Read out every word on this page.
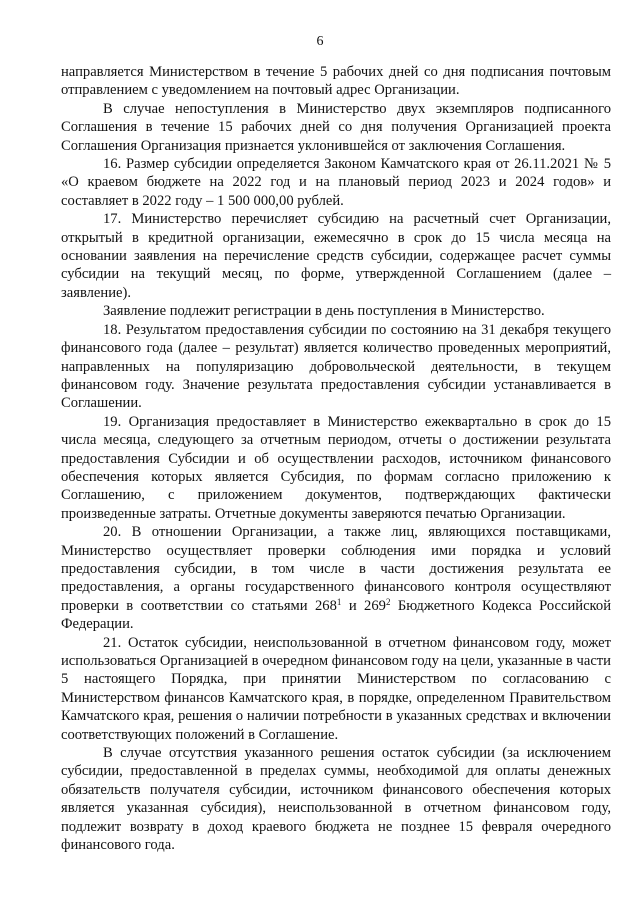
6

направляется Министерством в течение 5 рабочих дней со дня подписания почтовым отправлением с уведомлением на почтовый адрес Организации.

В случае непоступления в Министерство двух экземпляров подписанного Соглашения в течение 15 рабочих дней со дня получения Организацией проекта Соглашения Организация признается уклонившейся от заключения Соглашения.

16. Размер субсидии определяется Законом Камчатского края от 26.11.2021 № 5 «О краевом бюджете на 2022 год и на плановый период 2023 и 2024 годов» и составляет в 2022 году – 1 500 000,00 рублей.

17. Министерство перечисляет субсидию на расчетный счет Организации, открытый в кредитной организации, ежемесячно в срок до 15 числа месяца на основании заявления на перечисление средств субсидии, содержащее расчет суммы субсидии на текущий месяц, по форме, утвержденной Соглашением (далее – заявление).

Заявление подлежит регистрации в день поступления в Министерство.

18. Результатом предоставления субсидии по состоянию на 31 декабря текущего финансового года (далее – результат) является количество проведенных мероприятий, направленных на популяризацию добровольческой деятельности, в текущем финансовом году. Значение результата предоставления субсидии устанавливается в Соглашении.

19. Организация предоставляет в Министерство ежеквартально в срок до 15 числа месяца, следующего за отчетным периодом, отчеты о достижении результата предоставления Субсидии и об осуществлении расходов, источником финансового обеспечения которых является Субсидия, по формам согласно приложению к Соглашению, с приложением документов, подтверждающих фактически произведенные затраты. Отчетные документы заверяются печатью Организации.

20. В отношении Организации, а также лиц, являющихся поставщиками, Министерство осуществляет проверки соблюдения ими порядка и условий предоставления субсидии, в том числе в части достижения результата ее предоставления, а органы государственного финансового контроля осуществляют проверки в соответствии со статьями $268^1$ и $269^2$ Бюджетного Кодекса Российской Федерации.

21. Остаток субсидии, неиспользованной в отчетном финансовом году, может использоваться Организацией в очередном финансовом году на цели, указанные в части 5 настоящего Порядка, при принятии Министерством по согласованию с Министерством финансов Камчатского края, в порядке, определенном Правительством Камчатского края, решения о наличии потребности в указанных средствах и включении соответствующих положений в Соглашение.

В случае отсутствия указанного решения остаток субсидии (за исключением субсидии, предоставленной в пределах суммы, необходимой для оплаты денежных обязательств получателя субсидии, источником финансового обеспечения которых является указанная субсидия), неиспользованной в отчетном финансовом году, подлежит возврату в доход краевого бюджета не позднее 15 февраля очередного финансового года.
